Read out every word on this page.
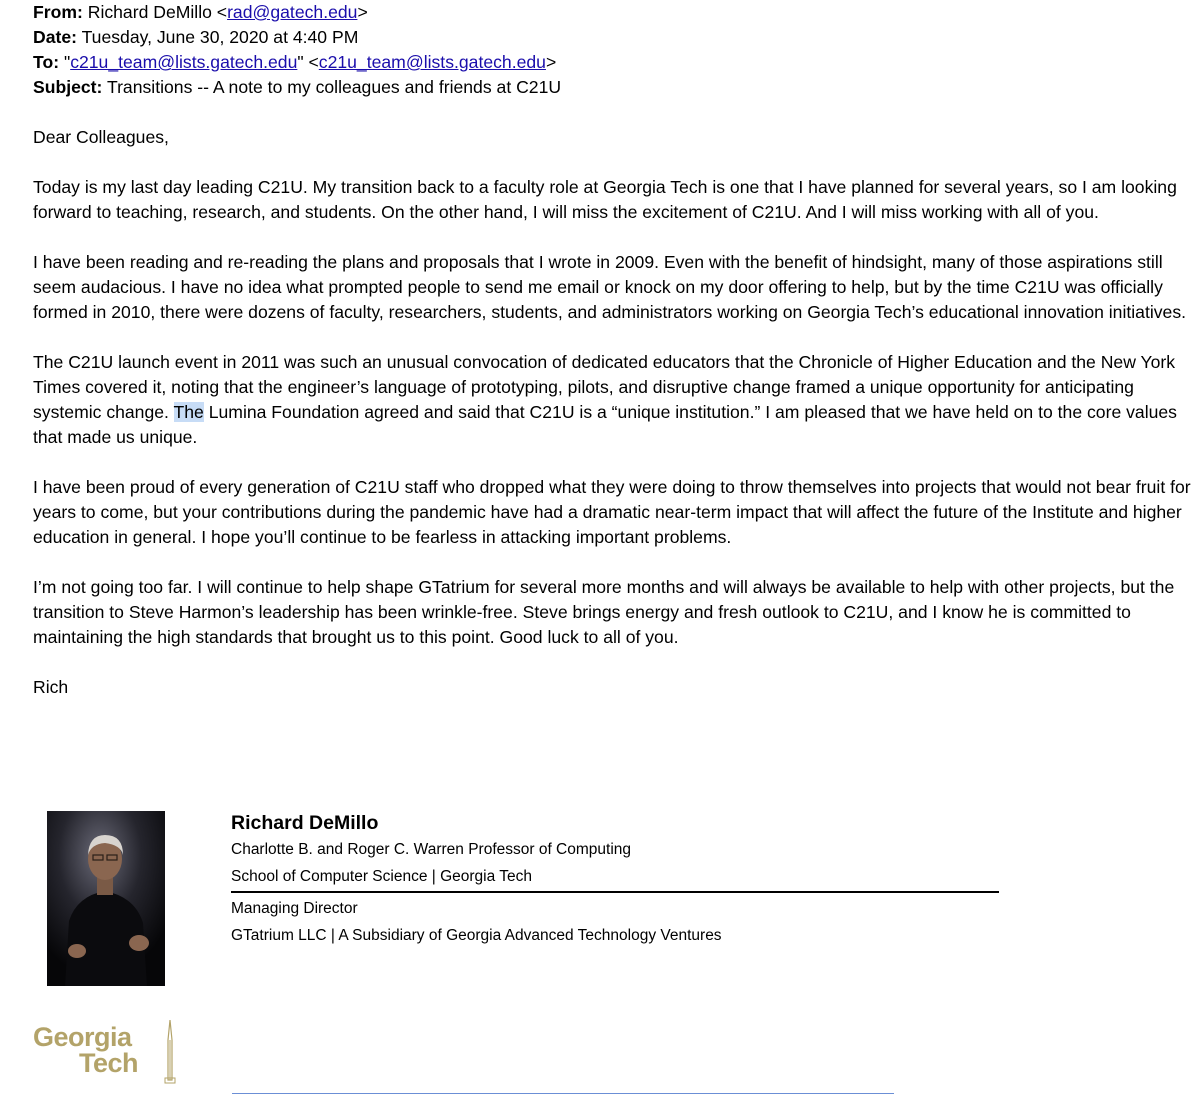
From: Richard DeMillo <rad@gatech.edu>
Date: Tuesday, June 30, 2020 at 4:40 PM
To: "c21u_team@lists.gatech.edu" <c21u_team@lists.gatech.edu>
Subject: Transitions -- A note to my colleagues and friends at C21U
Dear Colleagues,
Today is my last day leading C21U. My transition back to a faculty role at Georgia Tech is one that I have planned for several years, so I am looking forward to teaching, research, and students. On the other hand, I will miss the excitement of C21U. And I will miss working with all of you.
I have been reading and re-reading the plans and proposals that I wrote in 2009. Even with the benefit of hindsight, many of those aspirations still seem audacious. I have no idea what prompted people to send me email or knock on my door offering to help, but by the time C21U was officially formed in 2010, there were dozens of faculty, researchers, students, and administrators working on Georgia Tech’s educational innovation initiatives.
The C21U launch event in 2011 was such an unusual convocation of dedicated educators that the Chronicle of Higher Education and the New York Times covered it, noting that the engineer’s language of prototyping, pilots, and disruptive change framed a unique opportunity for anticipating systemic change. The Lumina Foundation agreed and said that C21U is a “unique institution.” I am pleased that we have held on to the core values that made us unique.
I have been proud of every generation of C21U staff who dropped what they were doing to throw themselves into projects that would not bear fruit for years to come, but your contributions during the pandemic have had a dramatic near-term impact that will affect the future of the Institute and higher education in general. I hope you’ll continue to be fearless in attacking important problems.
I’m not going too far. I will continue to help shape GTatrium for several more months and will always be available to help with other projects, but the transition to Steve Harmon’s leadership has been wrinkle-free. Steve brings energy and fresh outlook to C21U, and I know he is committed to maintaining the high standards that brought us to this point. Good luck to all of you.
Rich
Richard DeMillo
Charlotte B. and Roger C. Warren Professor of Computing
School of Computer Science | Georgia Tech
Managing Director
GTatrium LLC | A Subsidiary of Georgia Advanced Technology Ventures
Georgia
Tech
